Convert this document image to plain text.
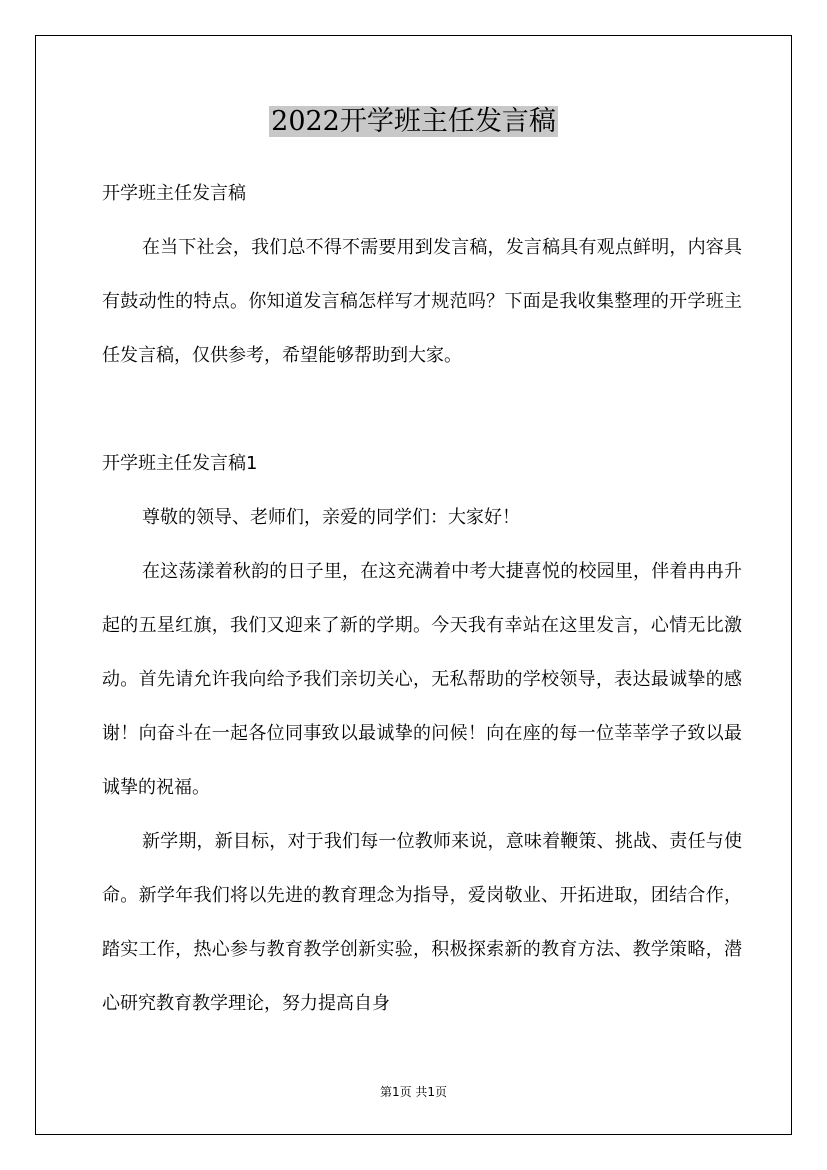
2022开学班主任发言稿

开学班主任发言稿

在当下社会，我们总不得不需要用到发言稿，发言稿具有观点鲜明，内容具有鼓动性的特点。你知道发言稿怎样写才规范吗？下面是我收集整理的开学班主任发言稿，仅供参考，希望能够帮助到大家。

开学班主任发言稿1

尊敬的领导、老师们，亲爱的同学们：大家好！

在这荡漾着秋韵的日子里，在这充满着中考大捷喜悦的校园里，伴着冉冉升起的五星红旗，我们又迎来了新的学期。今天我有幸站在这里发言，心情无比激动。首先请允许我向给予我们亲切关心，无私帮助的学校领导，表达最诚挚的感谢！向奋斗在一起各位同事致以最诚挚的问候！向在座的每一位莘莘学子致以最诚挚的祝福。

新学期，新目标，对于我们每一位教师来说，意味着鞭策、挑战、责任与使命。新学年我们将以先进的教育理念为指导，爱岗敬业、开拓进取，团结合作，踏实工作，热心参与教育教学创新实验，积极探索新的教育方法、教学策略，潜心研究教育教学理论，努力提高自身

第1页 共1页
